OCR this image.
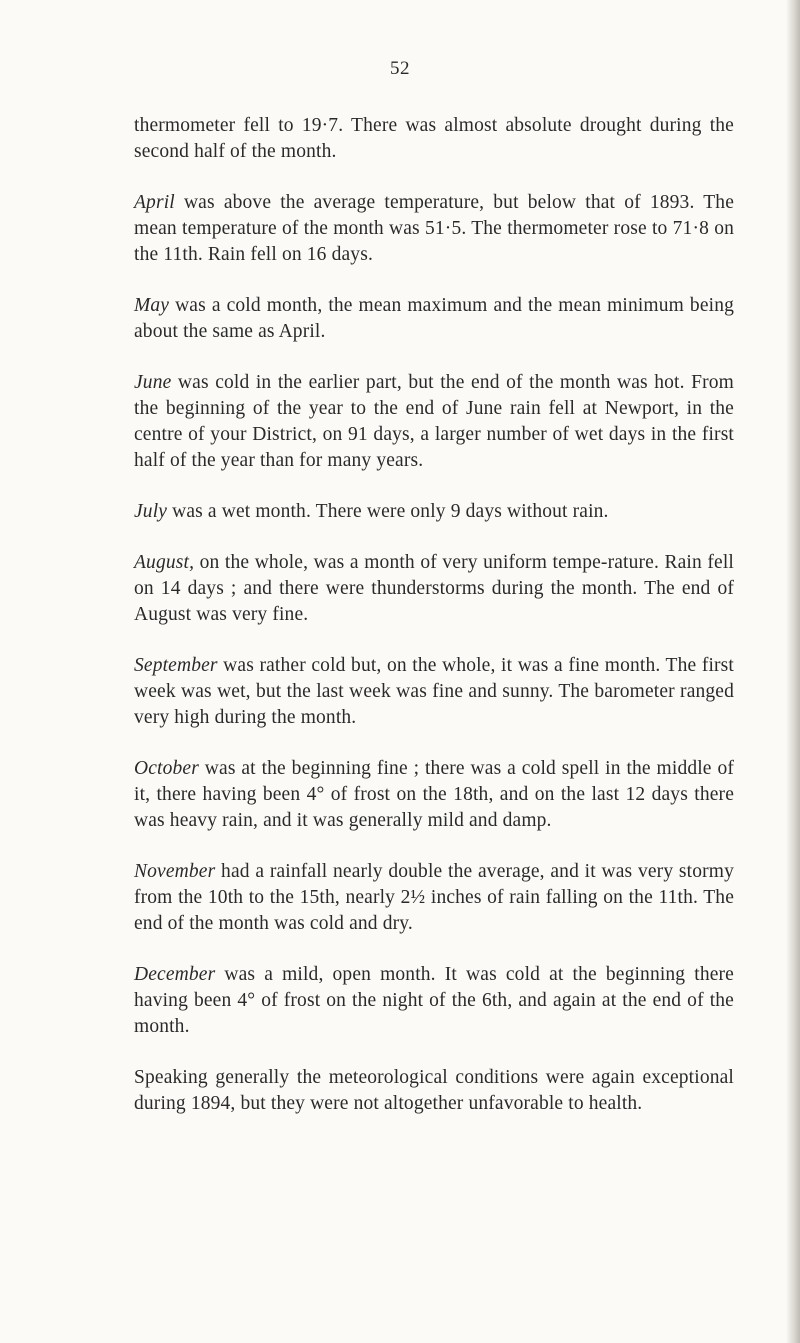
52

thermometer fell to 19·7. There was almost absolute drought during the second half of the month.

April was above the average temperature, but below that of 1893. The mean temperature of the month was 51·5. The thermometer rose to 71·8 on the 11th. Rain fell on 16 days.

May was a cold month, the mean maximum and the mean minimum being about the same as April.

June was cold in the earlier part, but the end of the month was hot. From the beginning of the year to the end of June rain fell at Newport, in the centre of your District, on 91 days, a larger number of wet days in the first half of the year than for many years.

July was a wet month. There were only 9 days without rain.

August, on the whole, was a month of very uniform tempe-rature. Rain fell on 14 days ; and there were thunderstorms during the month. The end of August was very fine.

September was rather cold but, on the whole, it was a fine month. The first week was wet, but the last week was fine and sunny. The barometer ranged very high during the month.

October was at the beginning fine ; there was a cold spell in the middle of it, there having been 4° of frost on the 18th, and on the last 12 days there was heavy rain, and it was generally mild and damp.

November had a rainfall nearly double the average, and it was very stormy from the 10th to the 15th, nearly 2½ inches of rain falling on the 11th. The end of the month was cold and dry.

December was a mild, open month. It was cold at the beginning there having been 4° of frost on the night of the 6th, and again at the end of the month.

Speaking generally the meteorological conditions were again exceptional during 1894, but they were not altogether unfavorable to health.
